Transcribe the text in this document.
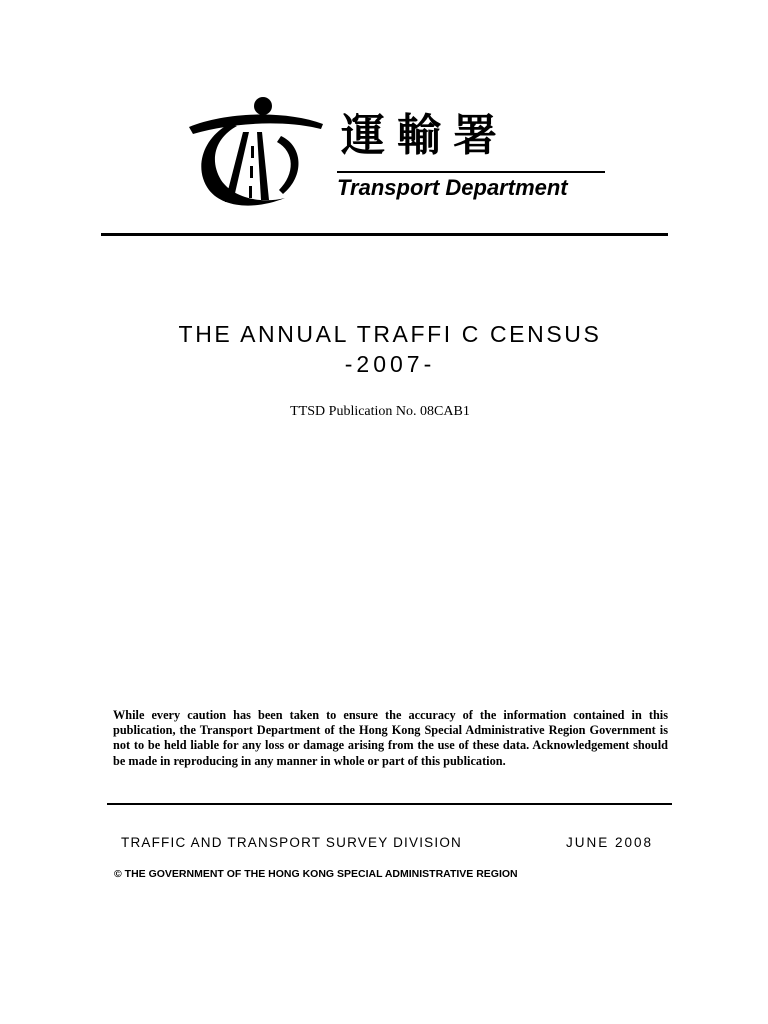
運輸署
Transport Department
THE ANNUAL TRAFFI C CENSUS
-2007-
TTSD Publication No. 08CAB1
While every caution has been taken to ensure the accuracy of the information contained in this publication, the Transport Department of the Hong Kong Special Administrative Region Government is not to be held liable for any loss or damage arising from the use of these data. Acknowledgement should be made in reproducing in any manner in whole or part of this publication.
TRAFFIC AND TRANSPORT SURVEY DIVISION	JUNE 2008
© THE GOVERNMENT OF THE HONG KONG SPECIAL ADMINISTRATIVE REGION
